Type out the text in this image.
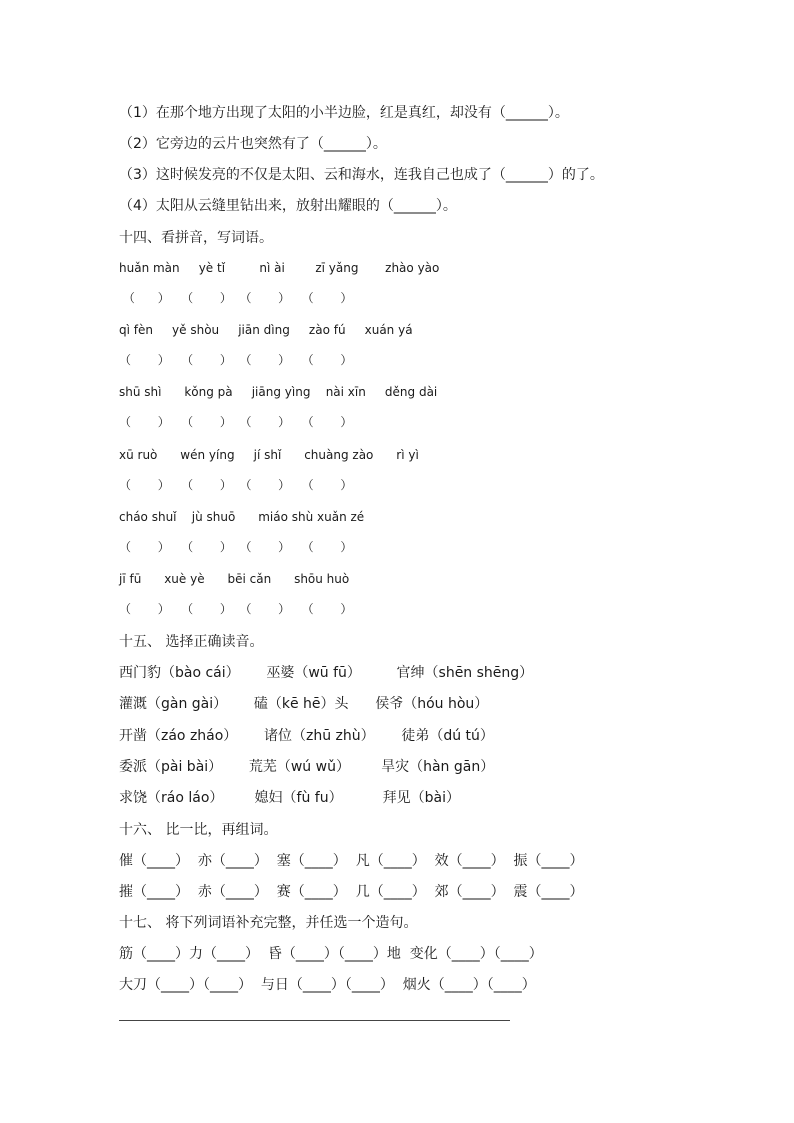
（1）在那个地方出现了太阳的小半边脸，红是真红，却没有（______）。
（2）它旁边的云片也突然有了（______）。
（3）这时候发亮的不仅是太阳、云和海水，连我自己也成了（______）的了。
（4）太阳从云缝里钻出来，放射出耀眼的（______）。
十四、看拼音，写词语。
huǎn màn     yè tǐ         nì ài        zī yǎng       zhào yào
（      ）   （       ）  （       ）   （       ）
qì fèn     yě shòu     jiān dìng     zào fú     xuán yá
（       ）   （       ）  （       ）   （       ）
shū shì      kǒng pà     jiāng yìng    nài xīn     děng dài
（       ）   （       ）  （       ）   （       ）
xū ruò      wén yíng     jí shǐ      chuàng zào      rì yì
（       ）   （       ）  （       ）   （       ）
cháo shuǐ    jù shuō      miáo shù xuǎn zé
（       ）   （       ）  （       ）   （       ）
jī fū      xuè yè      bēi cǎn      shōu huò
（       ）   （       ）  （       ）   （       ）
十五、 选择正确读音。
西门豹（bào cái）      巫婆（wū fū）        官绅（shēn shēng）
灌溉（gàn gài）      磕（kē hē）头      侯爷（hóu hòu）
开凿（záo zháo）      诸位（zhū zhù）      徒弟（dú tú）
委派（pài bài）      荒芜（wú wǔ）       旱灾（hàn gān）
求饶（ráo láo）       媳妇（fù fu）         拜见（bài）
十六、 比一比，再组词。
催（____）  亦（____）  塞（____）  凡（____）  效（____）  振（____）
摧（____）  赤（____）  赛（____）  几（____）  郊（____）  震（____）
十七、 将下列词语补充完整，并任选一个造句。
筋（____）力（____）  昏（____）（____）地  变化（____）（____）
大刀（____）（____）  与日（____）（____）  烟火（____）（____）
